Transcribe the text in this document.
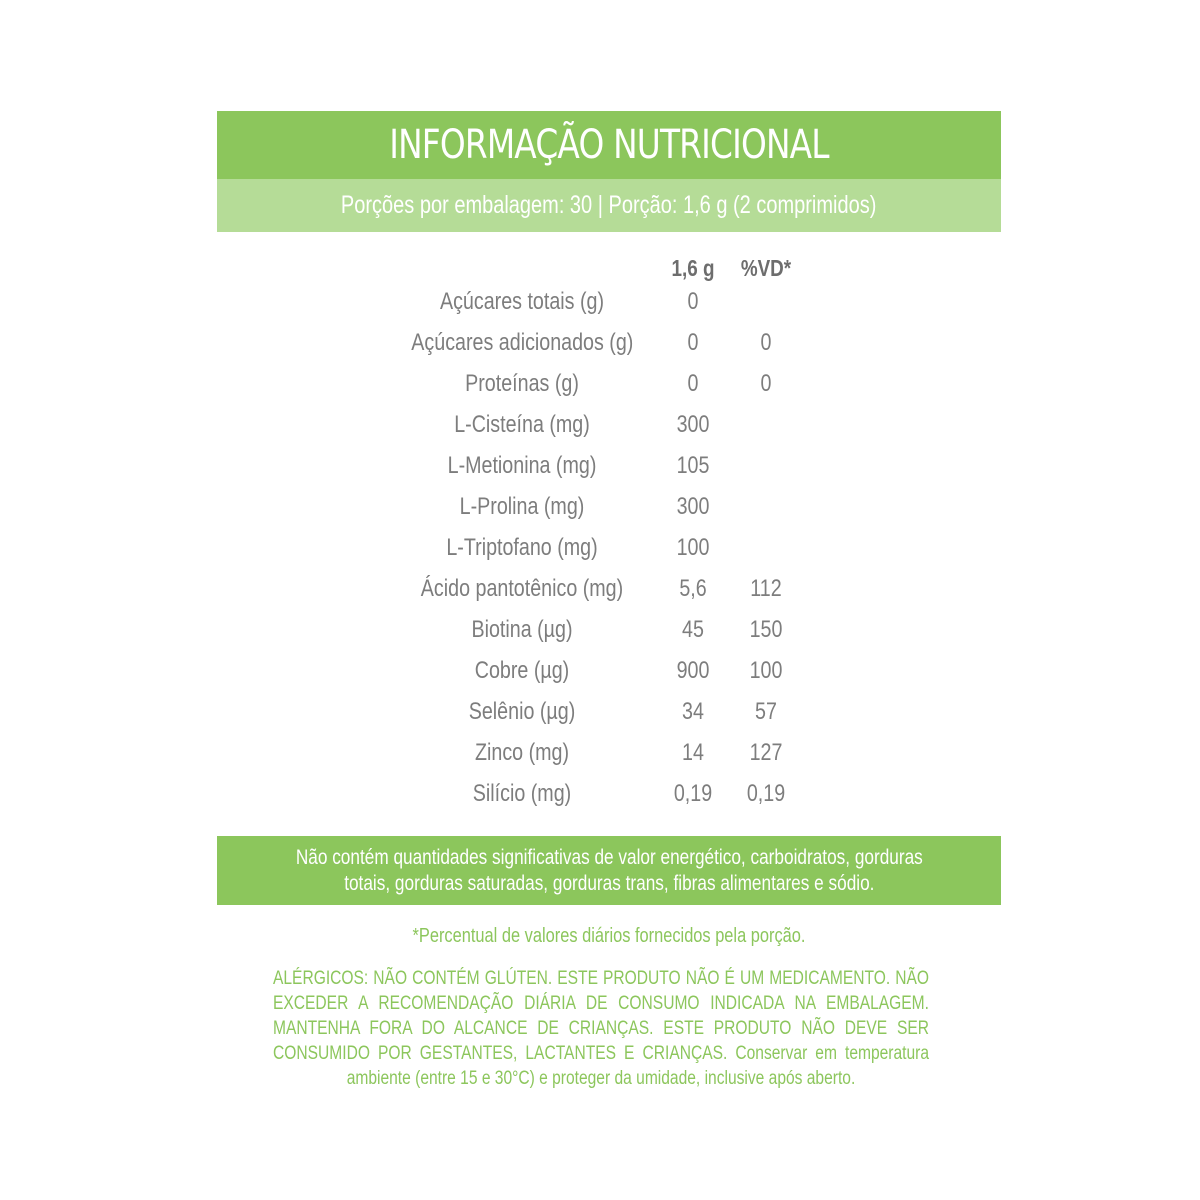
INFORMAÇÃO NUTRICIONAL
Porções por embalagem: 30 | Porção: 1,6 g (2 comprimidos)
1,6 g %VD*
Açúcares totais (g)	0
Açúcares adicionados (g)	0	0
Proteínas (g)	0	0
L-Cisteína (mg)	300
L-Metionina (mg)	105
L-Prolina (mg)	300
L-Triptofano (mg)	100
Ácido pantotênico (mg)	5,6	112
Biotina (µg)	45	150
Cobre (µg)	900	100
Selênio (µg)	34	57
Zinco (mg)	14	127
Silício (mg)	0,19	0,19
Não contém quantidades significativas de valor energético, carboidratos, gorduras
totais, gorduras saturadas, gorduras trans, fibras alimentares e sódio.
*Percentual de valores diários fornecidos pela porção.
ALÉRGICOS: NÃO CONTÉM GLÚTEN. ESTE PRODUTO NÃO É UM MEDICAMENTO. NÃO EXCEDER A RECOMENDAÇÃO DIÁRIA DE CONSUMO INDICADA NA EMBALAGEM. MANTENHA FORA DO ALCANCE DE CRIANÇAS. ESTE PRODUTO NÃO DEVE SER CONSUMIDO POR GESTANTES, LACTANTES E CRIANÇAS. Conservar em temperatura ambiente (entre 15 e 30°C) e proteger da umidade, inclusive após aberto.
